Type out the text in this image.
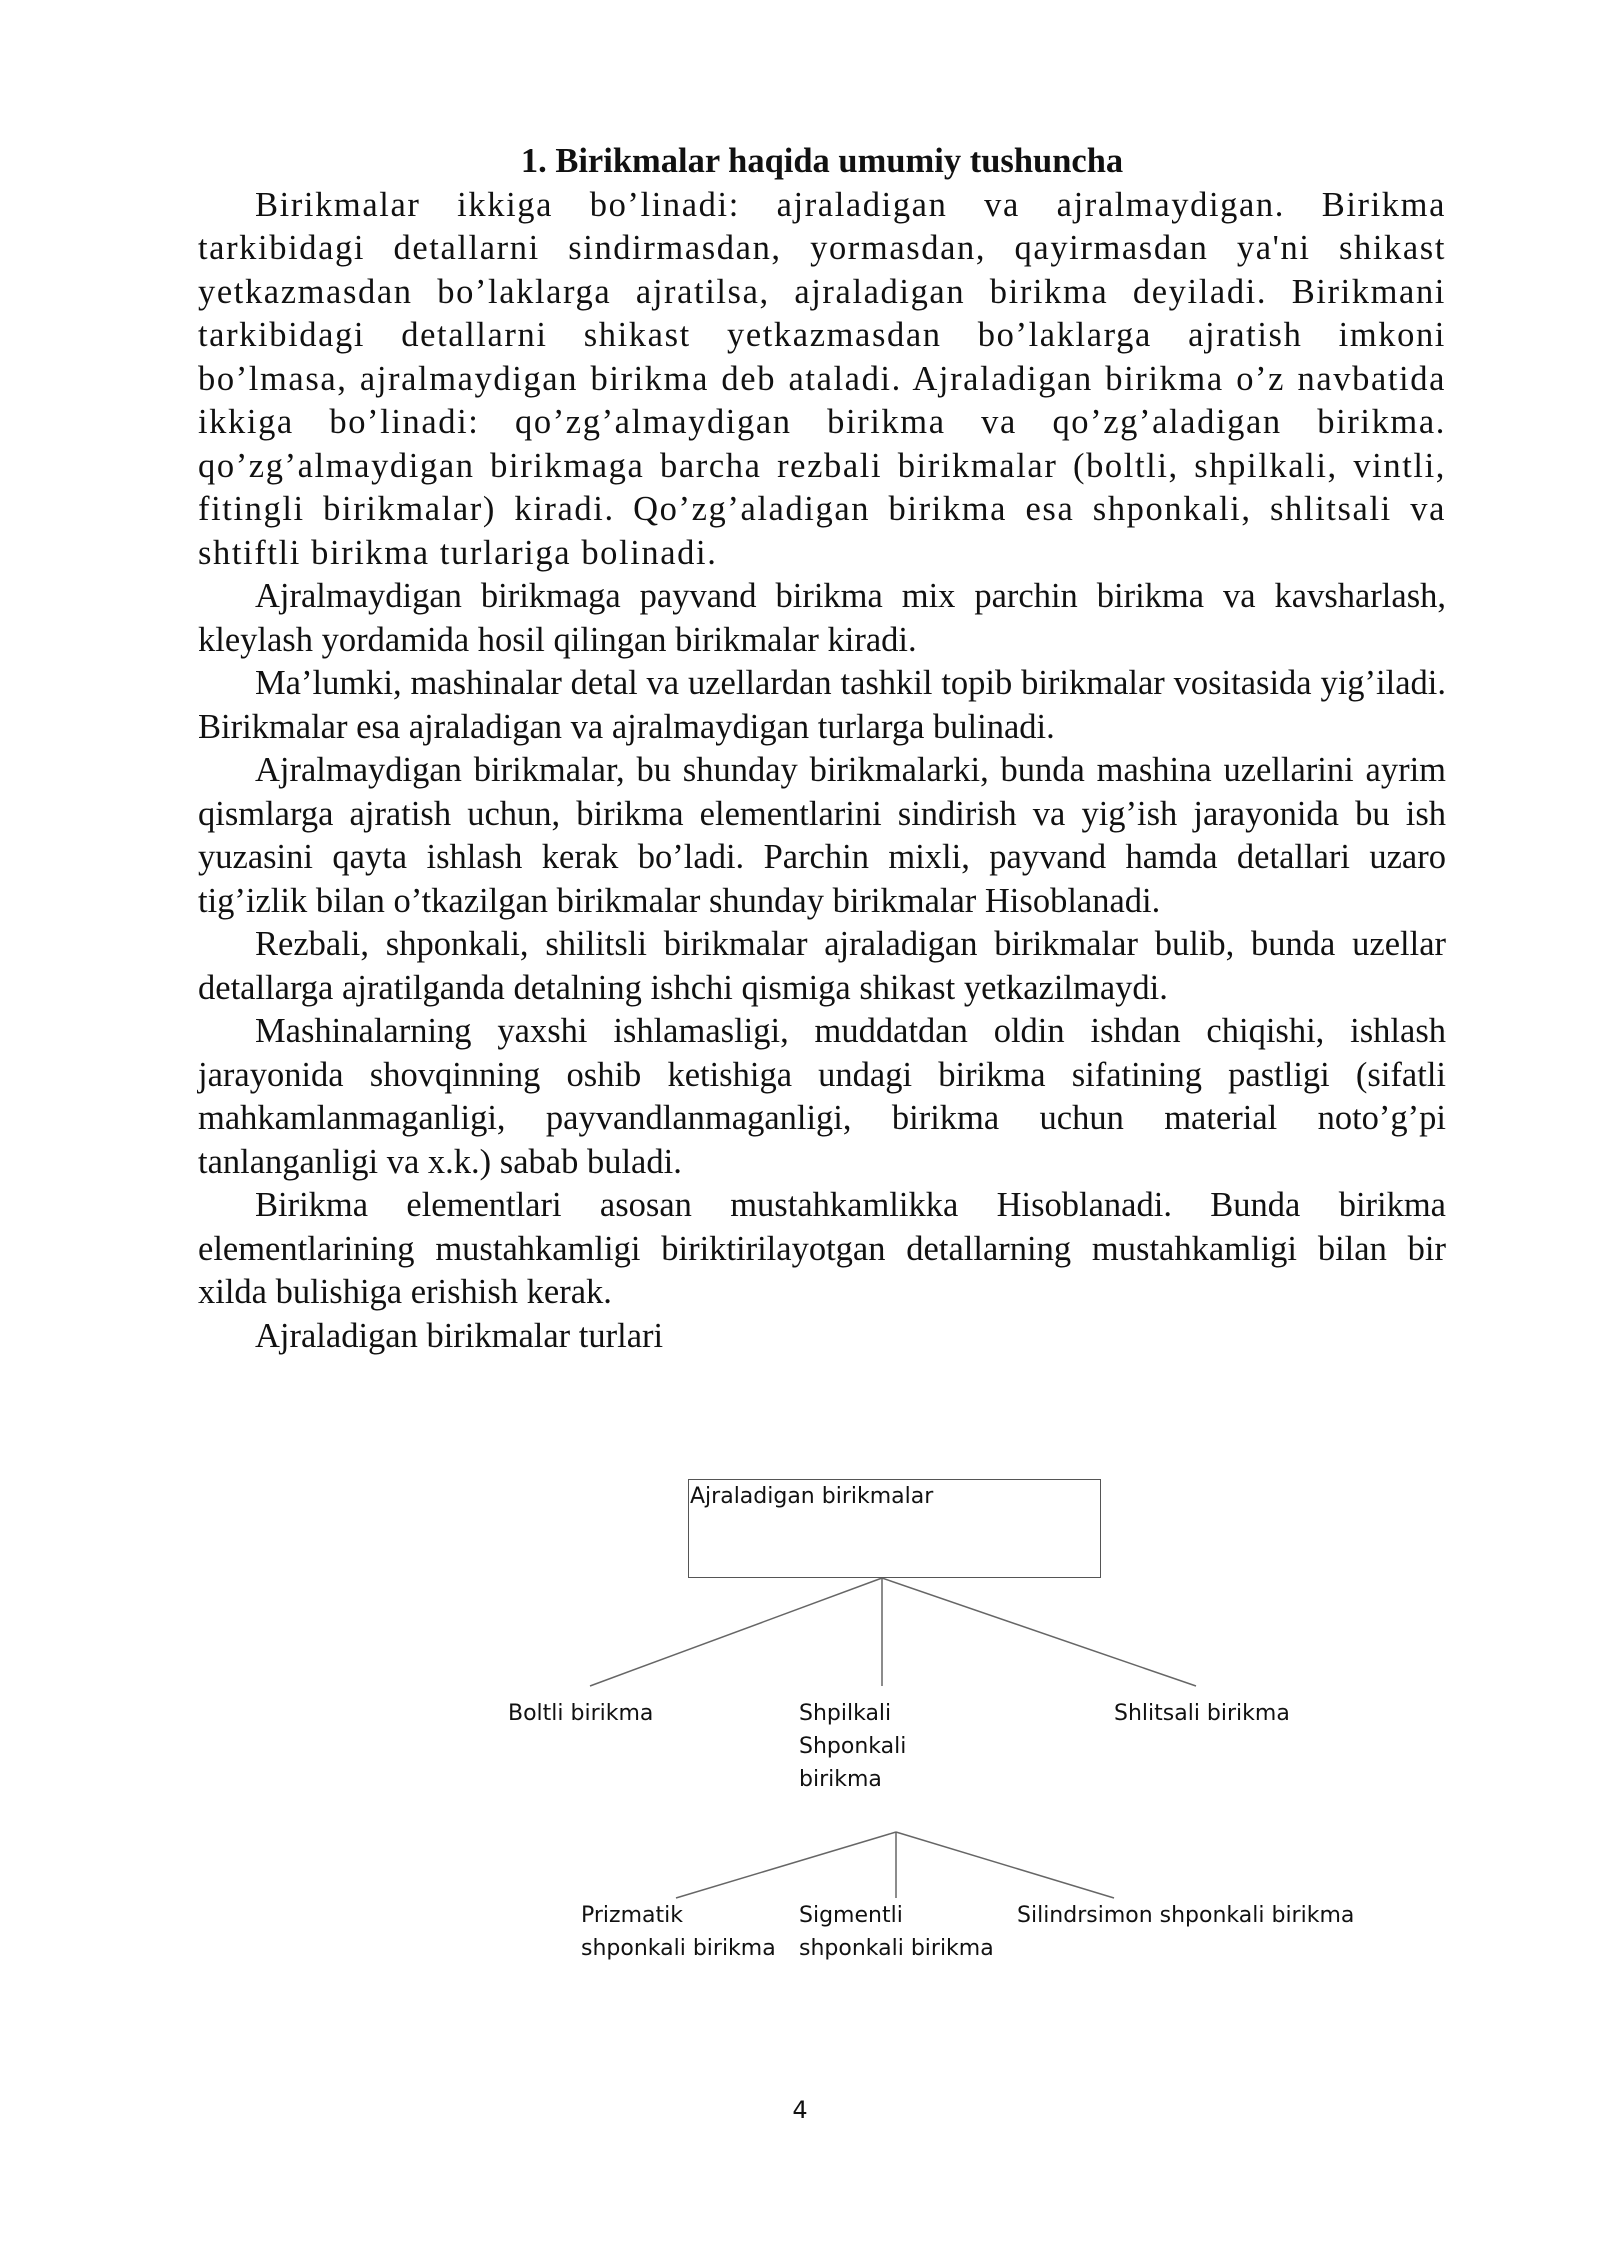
1. Birikmalar haqida umumiy tushuncha

Birikmalar ikkiga bo’linadi: ajraladigan va ajralmaydigan. Birikma tarkibidagi detallarni sindirmasdan, yormasdan, qayirmasdan ya'ni shikast yetkazmasdan bo’laklarga ajratilsa, ajraladigan birikma deyiladi. Birikmani tarkibidagi detallarni shikast yetkazmasdan bo’laklarga ajratish imkoni bo’lmasa, ajralmaydigan birikma deb ataladi. Ajraladigan birikma o’z navbatida ikkiga bo’linadi: qo’zg’almaydigan birikma va qo’zg’aladigan birikma. qo’zg’almaydigan birikmaga barcha rezbali birikmalar (boltli, shpilkali, vintli, fitingli birikmalar) kiradi. Qo’zg’aladigan birikma esa shponkali, shlitsali va shtiftli birikma turlariga bolinadi.

Ajralmaydigan birikmaga payvand birikma mix parchin birikma va kavsharlash, kleylash yordamida hosil qilingan birikmalar kiradi.

Ma’lumki, mashinalar detal va uzellardan tashkil topib birikmalar vositasida yig’iladi. Birikmalar esa ajraladigan va ajralmaydigan turlarga bulinadi.

Ajralmaydigan birikmalar, bu shunday birikmalarki, bunda mashina uzellarini ayrim qismlarga ajratish uchun, birikma elementlarini sindirish va yig’ish jarayonida bu ish yuzasini qayta ishlash kerak bo’ladi. Parchin mixli, payvand hamda detallari uzaro tig’izlik bilan o’tkazilgan birikmalar shunday birikmalar Hisoblanadi.

Rezbali, shponkali, shilitsli birikmalar ajraladigan birikmalar bulib, bunda uzellar detallarga ajratilganda detalning ishchi qismiga shikast yetkazilmaydi.

Mashinalarning yaxshi ishlamasligi, muddatdan oldin ishdan chiqishi, ishlash jarayonida shovqinning oshib ketishiga undagi birikma sifatining pastligi (sifatli mahkamlanmaganligi, payvandlanmaganligi, birikma uchun material noto’g’pi tanlanganligi va x.k.) sabab buladi.

Birikma elementlari asosan mustahkamlikka Hisoblanadi. Bunda birikma elementlarining mustahkamligi biriktirilayotgan detallarning mustahkamligi bilan bir xilda bulishiga erishish kerak.

Ajraladigan birikmalar turlari

Ajraladigan birikmalar
Boltli birikma	Shpilkali
Shponkali
birikma
Shlitsali birikma
Prizmatik
shponkali birikma
Sigmentli
shponkali birikma
Silindrsimon shponkali birikma
4
